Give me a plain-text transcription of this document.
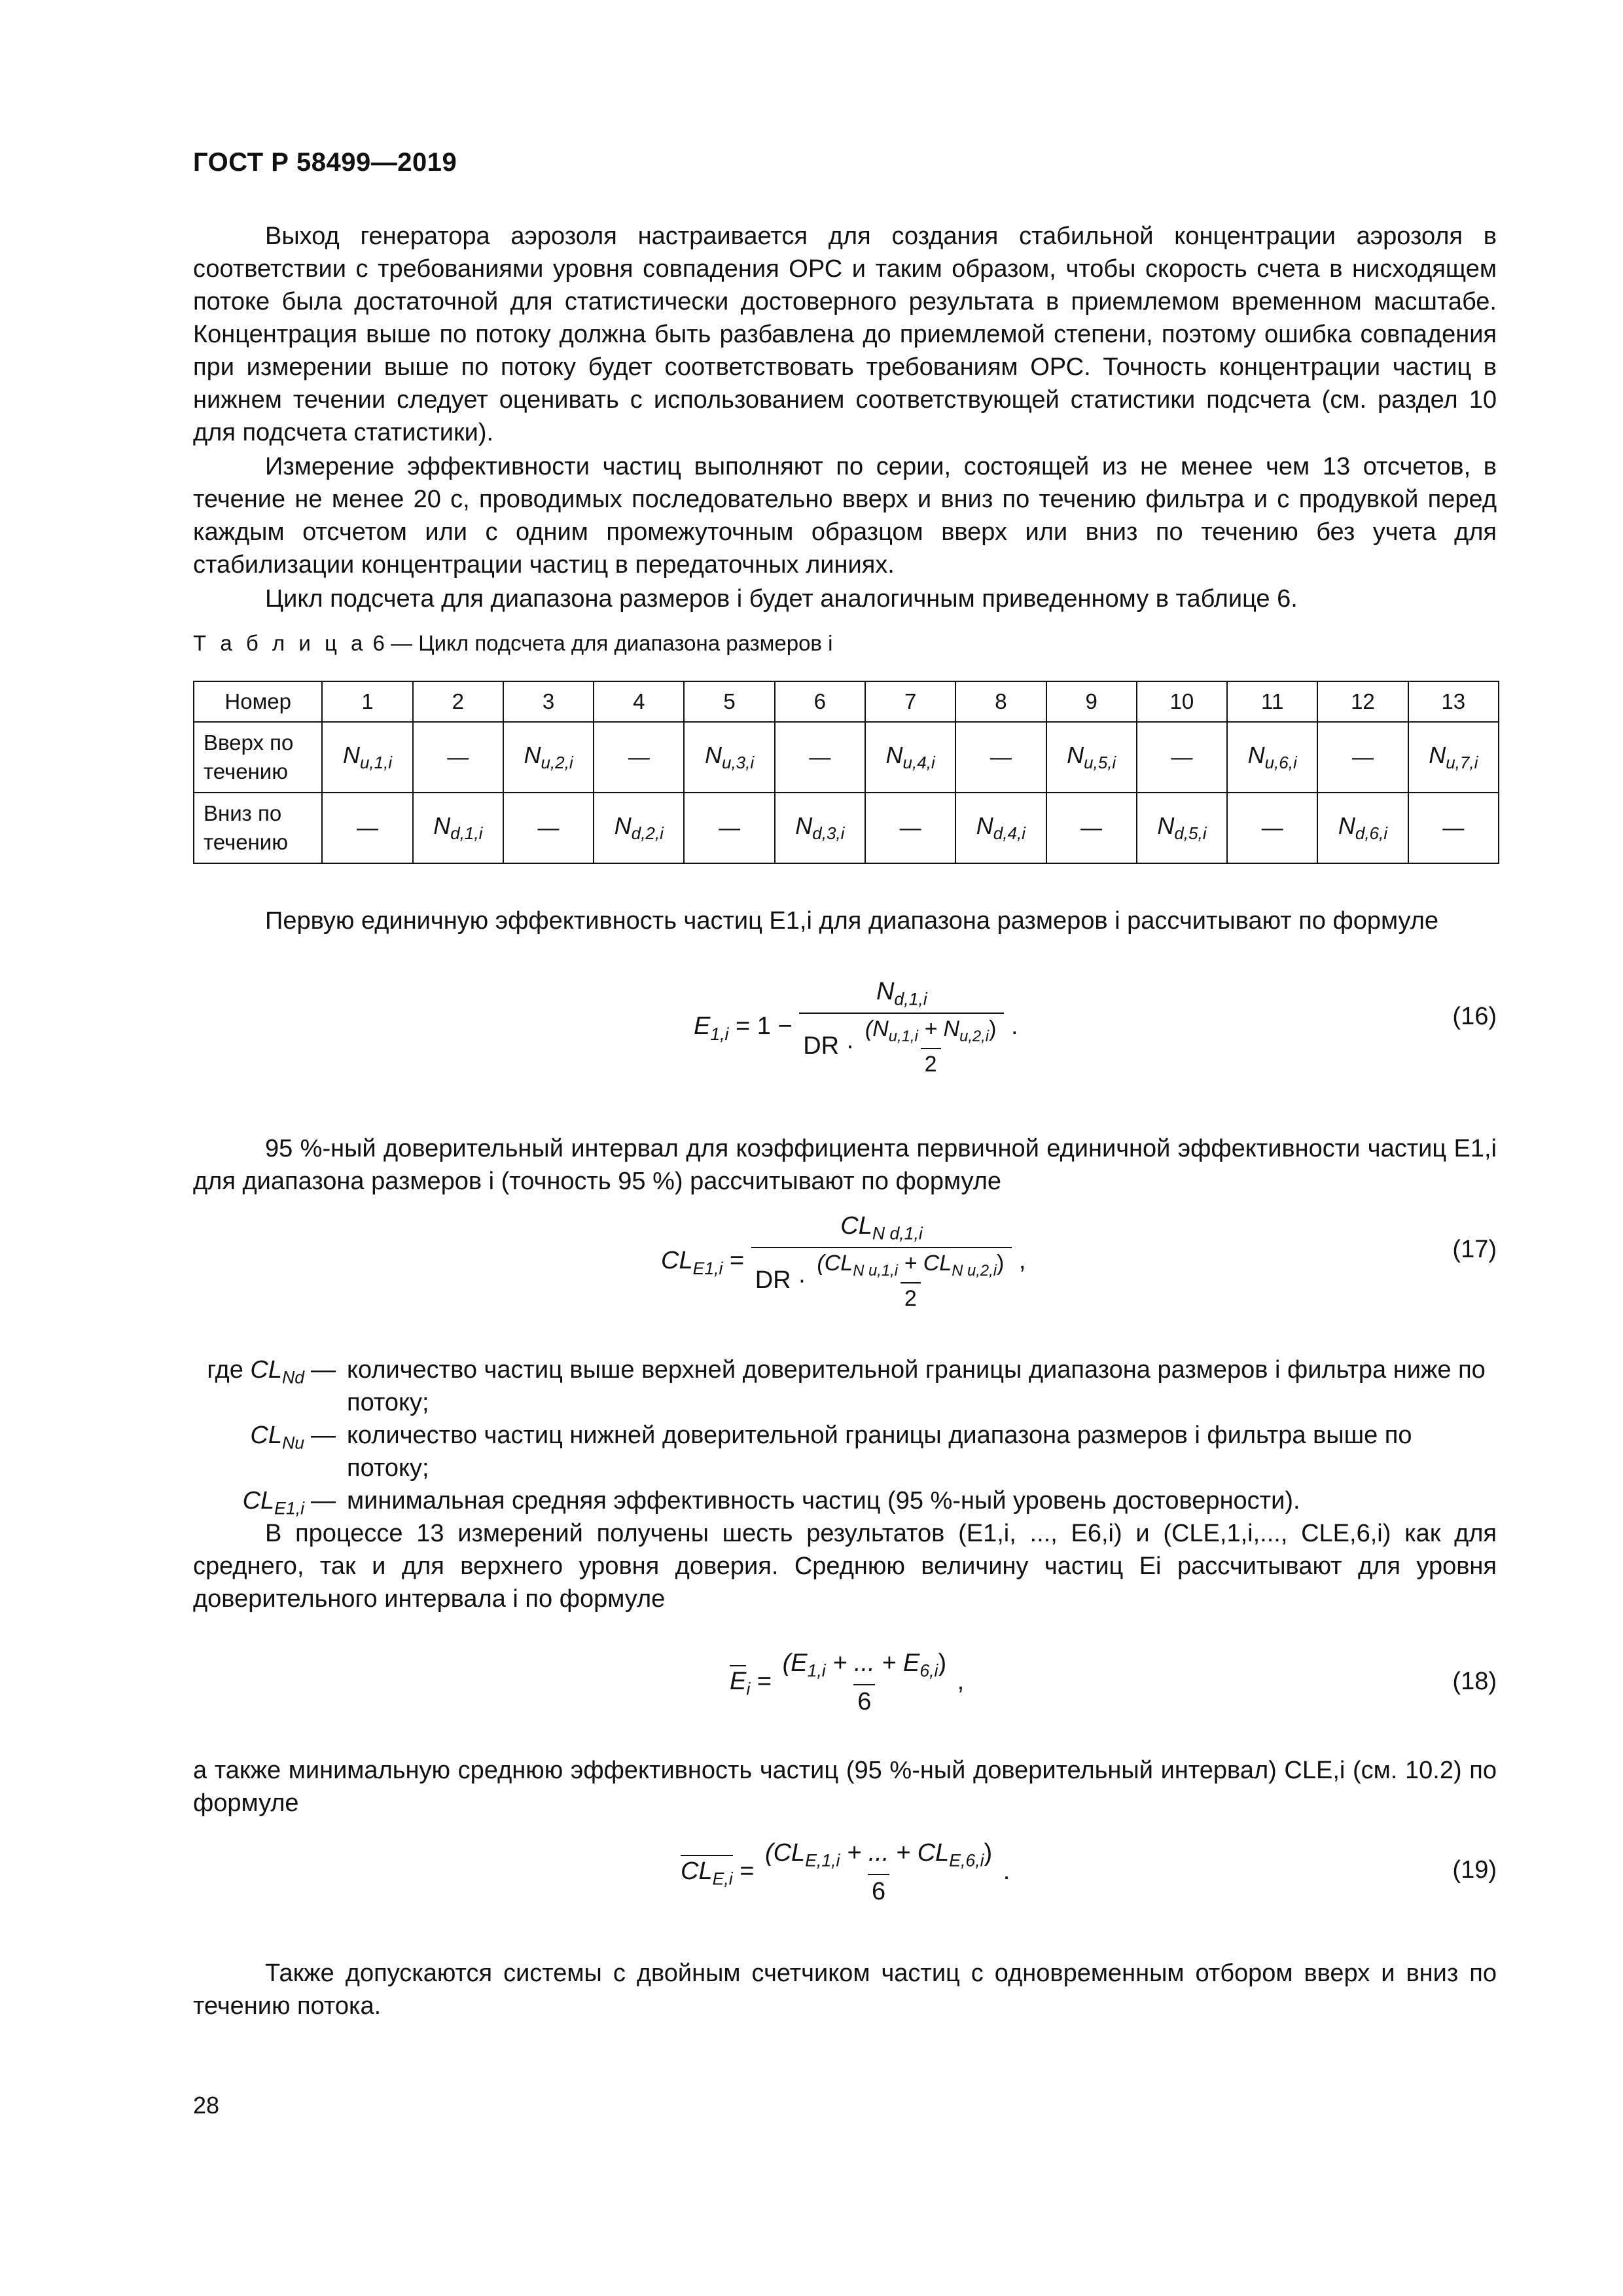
ГОСТ Р 58499—2019
Выход генератора аэрозоля настраивается для создания стабильной концентрации аэрозоля в соответствии с требованиями уровня совпадения ОРС и таким образом, чтобы скорость счета в нисходящем потоке была достаточной для статистически достоверного результата в приемлемом временном масштабе. Концентрация выше по потоку должна быть разбавлена до приемлемой степени, поэтому ошибка совпадения при измерении выше по потоку будет соответствовать требованиям ОРС. Точность концентрации частиц в нижнем течении следует оценивать с использованием соответствующей статистики подсчета (см. раздел 10 для подсчета статистики).
Измерение эффективности частиц выполняют по серии, состоящей из не менее чем 13 отсчетов, в течение не менее 20 с, проводимых последовательно вверх и вниз по течению фильтра и с продувкой перед каждым отсчетом или с одним промежуточным образцом вверх или вниз по течению без учета для стабилизации концентрации частиц в передаточных линиях.
Цикл подсчета для диапазона размеров i будет аналогичным приведенному в таблице 6.
Т а б л и ц а 6 — Цикл подсчета для диапазона размеров i
Номер	1	2	3	4	5	6	7	8	9	10	11	12	13
Вверх по течению	$N_{u,1,i}$	—	$N_{u,2,i}$	—	$N_{u,3,i}$	—	$N_{u,4,i}$	—	$N_{u,5,i}$	—	$N_{u,6,i}$	—	$N_{u,7,i}$
Вниз по течению	—	$N_{d,1,i}$	—	$N_{d,2,i}$	—	$N_{d,3,i}$	—	$N_{d,4,i}$	—	$N_{d,5,i}$	—	$N_{d,6,i}$	—
Первую единичную эффективность частиц E1,i для диапазона размеров i рассчитывают по формуле
$E_{1,i} = 1 - \frac{N_{d,1,i}}{DR \cdot \frac{(N_{u,1,i} + N_{u,2,i})}{2}}$ .	(16)
95 %-ный доверительный интервал для коэффициента первичной единичной эффективности частиц E1,i для диапазона размеров i (точность 95 %) рассчитывают по формуле
$CL_{E1,i} = \frac{CL_{N d,1,i}}{DR \cdot \frac{(CL_{N u,1,i} + CL_{N u,2,i})}{2}}$ ,	(17)
где $CL_{Nd}$ — количество частиц выше верхней доверительной границы диапазона размеров i фильтра ниже по потоку;
$CL_{Nu}$ — количество частиц нижней доверительной границы диапазона размеров i фильтра выше по потоку;
$CL_{E1,i}$ — минимальная средняя эффективность частиц (95 %-ный уровень достоверности).
В процессе 13 измерений получены шесть результатов (E1,i, ..., E6,i) и (CLE,1,i,..., CLE,6,i) как для среднего, так и для верхнего уровня доверия. Среднюю величину частиц Ei рассчитывают для уровня доверительного интервала i по формуле
$E_i = \frac{(E_{1,i} + ... + E_{6,i})}{6}$ ,	(18)
а также минимальную среднюю эффективность частиц (95 %-ный доверительный интервал) CLE,i (см. 10.2) по формуле
$CL_{E,i} = \frac{(CL_{E,1,i} + ... + CL_{E,6,i})}{6}$ .	(19)
Также допускаются системы с двойным счетчиком частиц с одновременным отбором вверх и вниз по течению потока.
28
